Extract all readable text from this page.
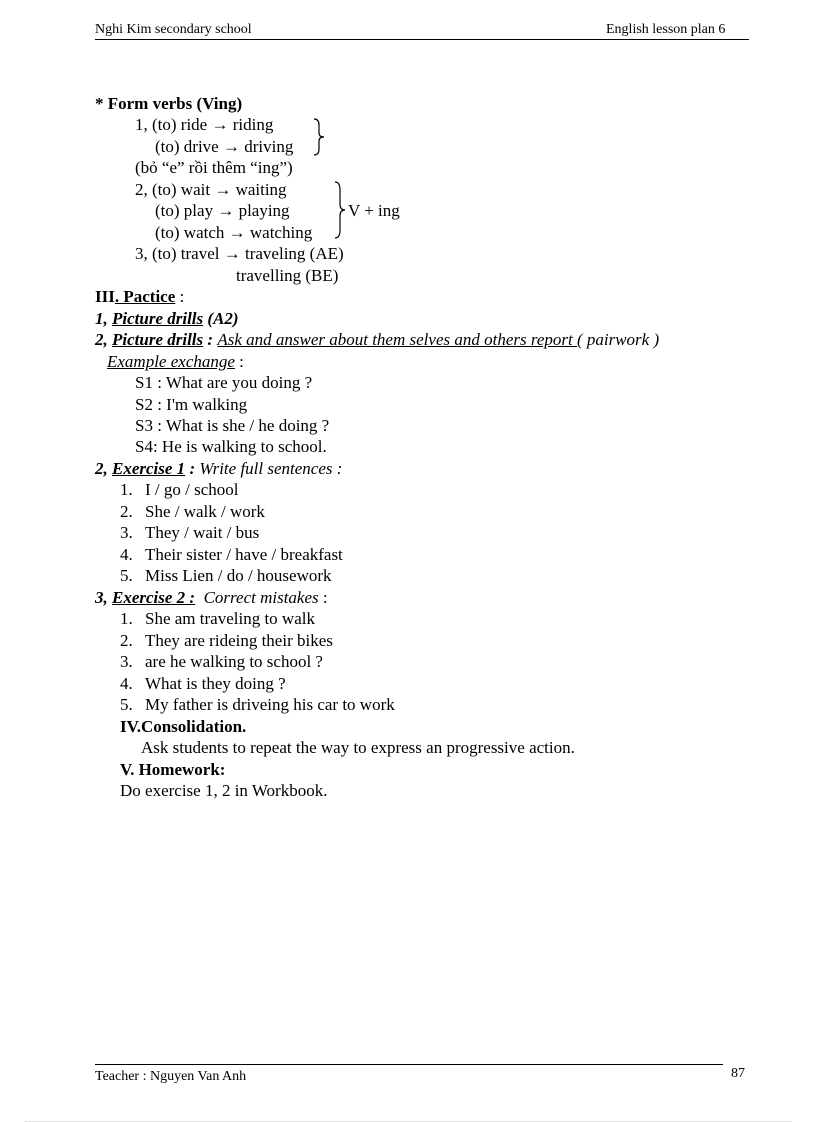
Nghi Kim secondary school	English lesson plan 6
* Form verbs (Ving)
1, (to) ride → riding
(to) drive → driving
(bỏ “e” rồi thêm “ing”)
2, (to) wait → waiting
(to) play → playing
(to) watch → watching
V + ing
3, (to) travel → traveling (AE)
travelling (BE)
III. Pactice :
1, Picture drills (A2)
2, Picture drills : Ask and answer about them selves and others report ( pairwork )
Example exchange :
S1 : What are you doing ?
S2 : I'm walking
S3 : What is she / he doing ?
S4: He is walking to school.
2, Exercise 1 : Write full sentences :
1. I / go / school
2. She / walk / work
3. They / wait / bus
4. Their sister / have / breakfast
5. Miss Lien / do / housework
3, Exercise 2 : Correct mistakes :
1. She am traveling to walk
2. They are rideing their bikes
3. are he walking to school ?
4. What is they doing ?
5. My father is driveing his car to work
IV.Consolidation.
Ask students to repeat the way to express an progressive action.
V. Homework:
Do exercise 1, 2 in Workbook.
Teacher : Nguyen Van Anh	87
